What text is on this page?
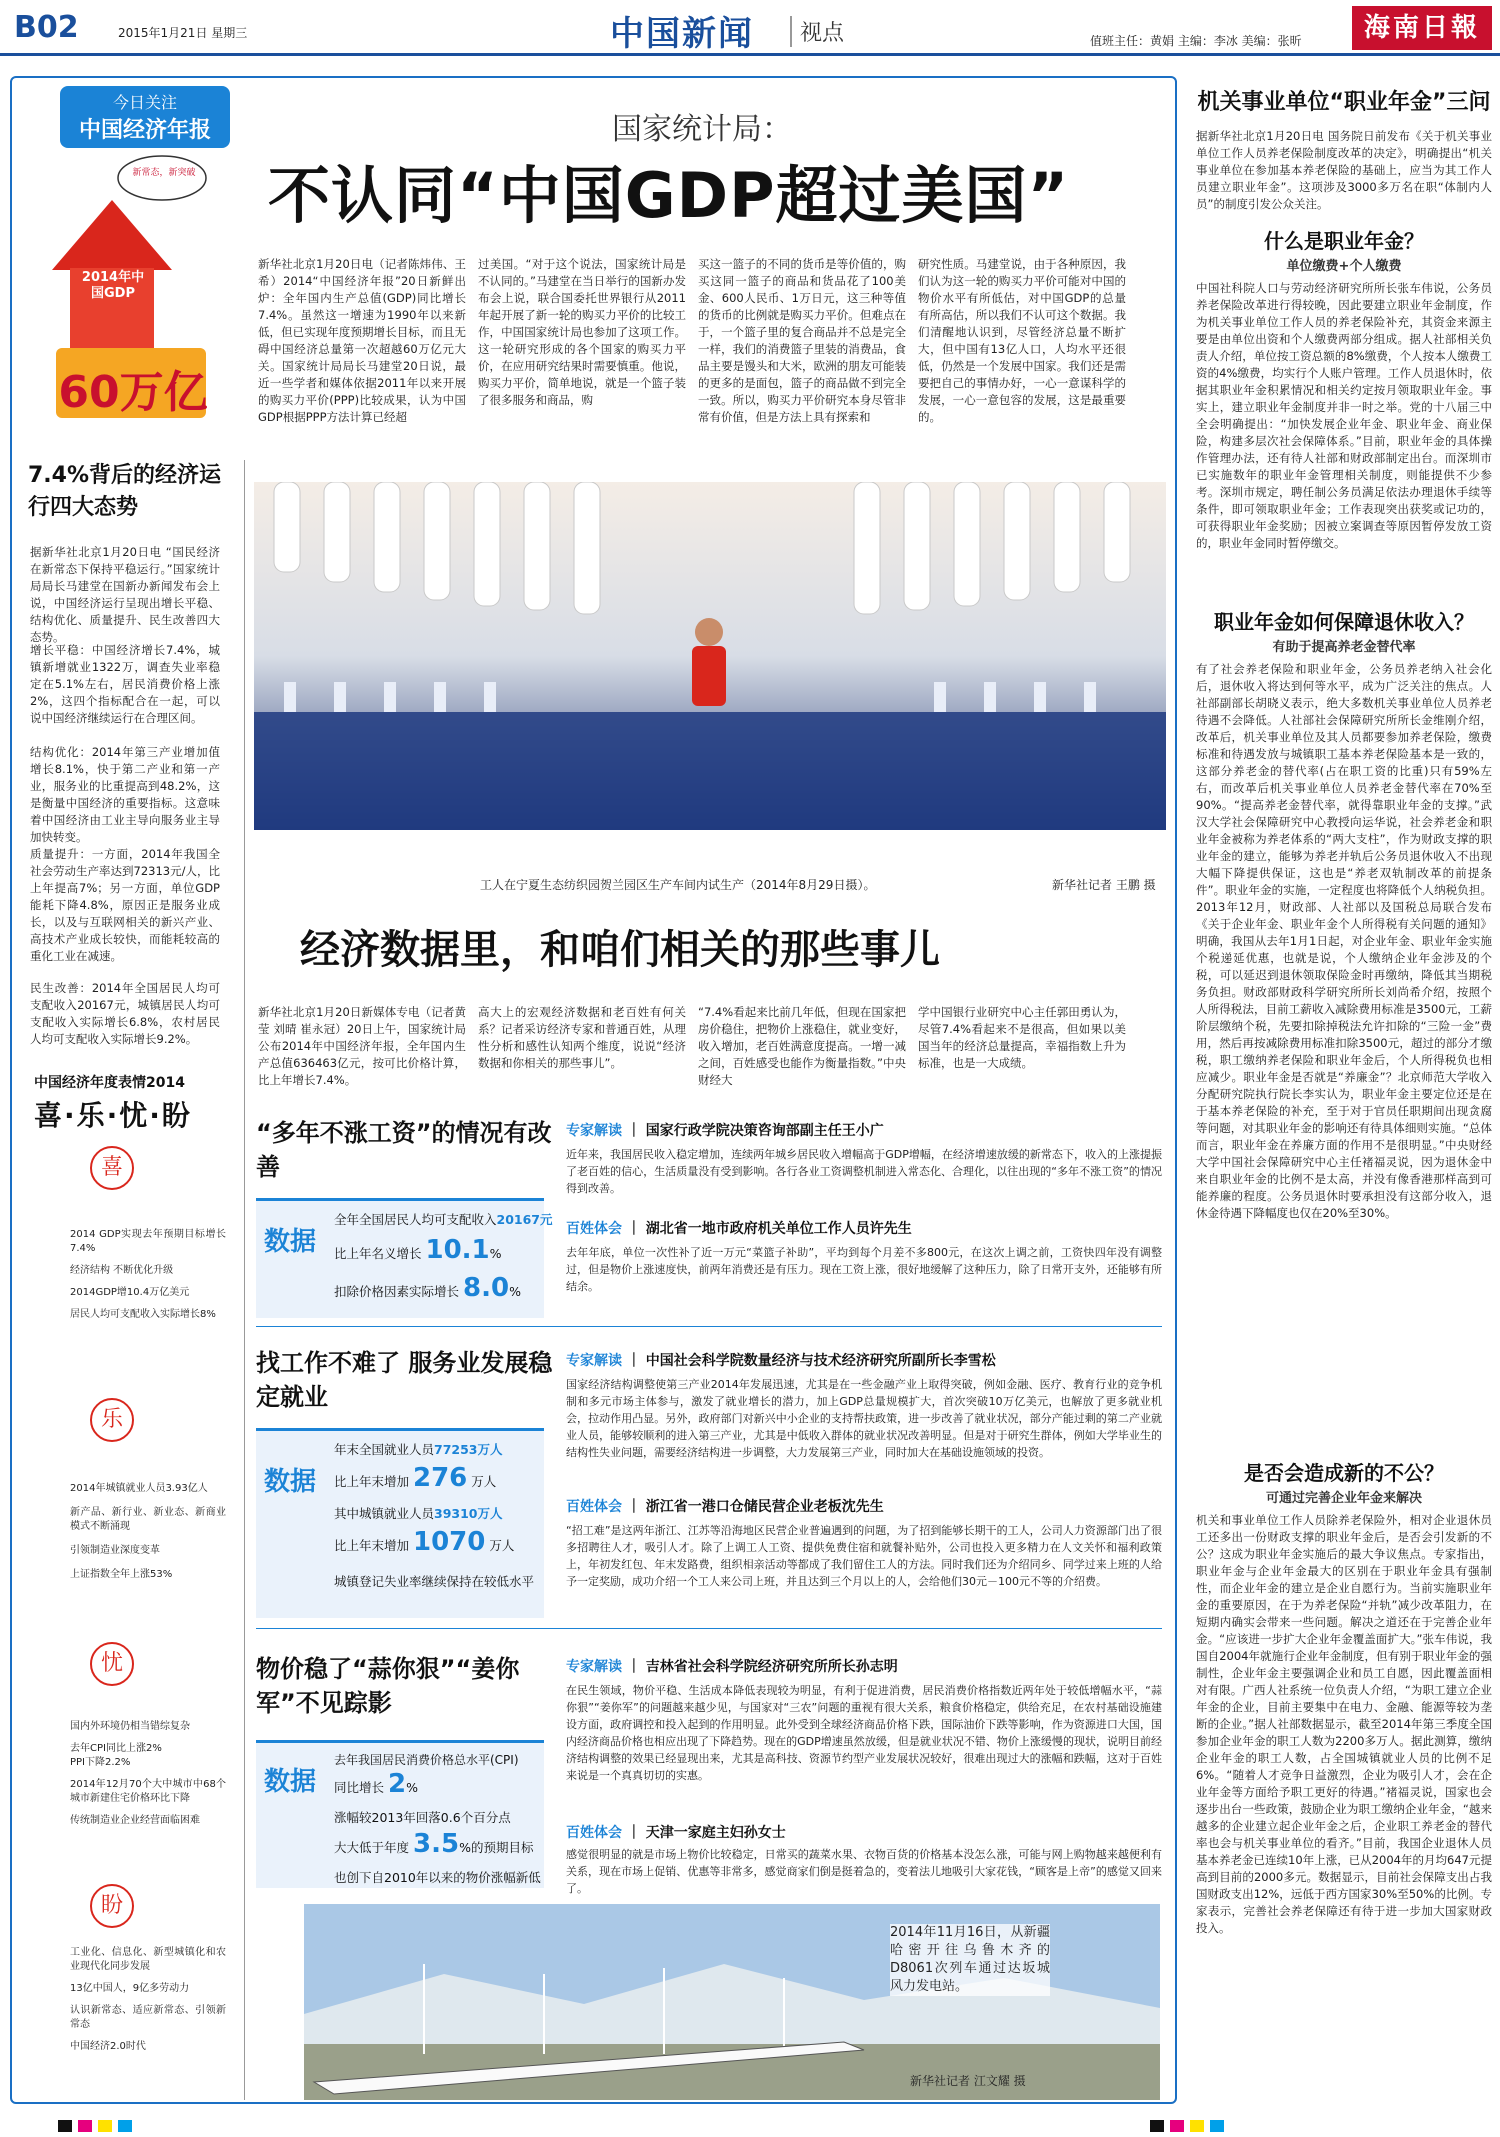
B02	2015年1月21日 星期三	中国新闻	视点	值班主任：黄娟 主编：李冰 美编：张昕	海南日報
今日关注
中国经济年报
新常态，新突破
2014年中国GDP
60万亿
7.4%背后的经济运行四大态势
据新华社北京1月20日电 “国民经济在新常态下保持平稳运行。”国家统计局局长马建堂在国新办新闻发布会上说，中国经济运行呈现出增长平稳、结构优化、质量提升、民生改善四大态势。
增长平稳：中国经济增长7.4%，城镇新增就业1322万，调查失业率稳定在5.1%左右，居民消费价格上涨2%，这四个指标配合在一起，可以说中国经济继续运行在合理区间。
结构优化：2014年第三产业增加值增长8.1%，快于第二产业和第一产业，服务业的比重提高到48.2%，这是衡量中国经济的重要指标。这意味着中国经济由工业主导向服务业主导加快转变。
质量提升：一方面，2014年我国全社会劳动生产率达到72313元/人，比上年提高7%；另一方面，单位GDP能耗下降4.8%，原因正是服务业成长，以及与互联网相关的新兴产业、高技术产业成长较快，而能耗较高的重化工业在减速。
民生改善：2014年全国居民人均可支配收入20167元，城镇居民人均可支配收入实际增长6.8%，农村居民人均可支配收入实际增长9.2%。
中国经济年度表情2014
喜·乐·忧·盼
喜
2014 GDP实现去年预期目标增长7.4%
经济结构 不断优化升级
2014GDP增10.4万亿美元
居民人均可支配收入实际增长8%
乐
2014年城镇就业人员3.93亿人
新产品、新行业、新业态、新商业模式不断涌现
引领制造业深度变革
上证指数全年上涨53%
忧
国内外环境仍相当错综复杂
去年CPI同比上涨2%
PPI下降2.2%
2014年12月70个大中城市中68个城市新建住宅价格环比下降
传统制造业企业经营面临困难
盼
工业化、信息化、新型城镇化和农业现代化同步发展
13亿中国人，9亿多劳动力
认识新常态、适应新常态、引领新常态
中国经济2.0时代
国家统计局：
不认同“中国GDP超过美国”
新华社北京1月20日电（记者陈炜伟、王希）2014“中国经济年报”20日新鲜出炉：全年国内生产总值(GDP)同比增长7.4%。虽然这一增速为1990年以来新低，但已实现年度预期增长目标，而且无碍中国经济总量第一次超越60万亿元大关。国家统计局局长马建堂20日说，最近一些学者和媒体依据2011年以来开展的购买力平价(PPP)比较成果，认为中国GDP根据PPP方法计算已经超
过美国。“对于这个说法，国家统计局是不认同的。”马建堂在当日举行的国新办发布会上说，联合国委托世界银行从2011年起开展了新一轮的购买力平价的比较工作，中国国家统计局也参加了这项工作。这一轮研究形成的各个国家的购买力平价，在应用研究结果时需要慎重。他说，购买力平价，简单地说，就是一个篮子装了很多服务和商品，购
买这一篮子的不同的货币是等价值的，购买这同一篮子的商品和货品花了100美金、600人民币、1万日元，这三种等值的货币的比例就是购买力平价。但难点在于，一个篮子里的复合商品并不总是完全一样，我们的消费篮子里装的消费品，食品主要是馒头和大米，欧洲的朋友可能装的更多的是面包，篮子的商品做不到完全一致。所以，购买力平价研究本身尽管非常有价值，但是方法上具有探索和
研究性质。马建堂说，由于各种原因，我们认为这一轮的购买力平价可能对中国的物价水平有所低估，对中国GDP的总量有所高估，所以我们不认可这个数据。我们清醒地认识到，尽管经济总量不断扩大，但中国有13亿人口，人均水平还很低，仍然是一个发展中国家。我们还是需要把自己的事情办好，一心一意谋科学的发展，一心一意包容的发展，这是最重要的。
工人在宁夏生态纺织园贺兰园区生产车间内试生产（2014年8月29日摄）。	新华社记者 王鹏 摄
经济数据里，和咱们相关的那些事儿
新华社北京1月20日新媒体专电（记者黄莹 刘晴 崔永冠）20日上午，国家统计局公布2014年中国经济年报，全年国内生产总值636463亿元，按可比价格计算，比上年增长7.4%。
高大上的宏观经济数据和老百姓有何关系？记者采访经济专家和普通百姓，从理性分析和感性认知两个维度，说说“经济数据和你相关的那些事儿”。
“7.4%看起来比前几年低，但现在国家把房价稳住，把物价上涨稳住，就业变好，收入增加，老百姓满意度提高。一增一减之间，百姓感受也能作为衡量指数。”中央财经大
学中国银行业研究中心主任郭田勇认为，尽管7.4%看起来不是很高，但如果以美国当年的经济总量提高，幸福指数上升为标准，也是一大成绩。
“多年不涨工资”的情况有改善
数据
全年全国居民人均可支配收入20167元
比上年名义增长 10.1%
扣除价格因素实际增长 8.0%
专家解读 ｜ 国家行政学院决策咨询部副主任王小广
近年来，我国居民收入稳定增加，连续两年城乡居民收入增幅高于GDP增幅，在经济增速放缓的新常态下，收入的上涨提振了老百姓的信心，生活质量没有受到影响。各行各业工资调整机制进入常态化、合理化，以往出现的“多年不涨工资”的情况得到改善。
百姓体会 ｜ 湖北省一地市政府机关单位工作人员许先生
去年年底，单位一次性补了近一万元“菜篮子补助”，平均到每个月差不多800元，在这次上调之前，工资快四年没有调整过，但是物价上涨速度快，前两年消费还是有压力。现在工资上涨，很好地缓解了这种压力，除了日常开支外，还能够有所结余。
找工作不难了 服务业发展稳定就业
数据
年末全国就业人员77253万人
比上年末增加 276 万人
其中城镇就业人员39310万人
比上年末增加 1070 万人
城镇登记失业率继续保持在较低水平
专家解读 ｜ 中国社会科学院数量经济与技术经济研究所副所长李雪松
国家经济结构调整使第三产业2014年发展迅速，尤其是在一些金融产业上取得突破，例如金融、医疗、教育行业的竞争机制和多元市场主体参与，激发了就业增长的潜力，加上GDP总量规模扩大，首次突破10万亿美元，也解放了更多就业机会，拉动作用凸显。另外，政府部门对新兴中小企业的支持帮扶政策，进一步改善了就业状况，部分产能过剩的第二产业就业人员，能够较顺利的进入第三产业，尤其是中低收入群体的就业状况改善明显。但是对于研究生群体，例如大学毕业生的结构性失业问题，需要经济结构进一步调整，大力发展第三产业，同时加大在基础设施领域的投资。
百姓体会 ｜ 浙江省一港口仓储民营企业老板沈先生
“招工难”是这两年浙江、江苏等沿海地区民营企业普遍遇到的问题，为了招到能够长期干的工人，公司人力资源部门出了很多招聘往人才，吸引人才。除了上调工人工资、提供免费住宿和就餐补贴外，公司也投入更多精力在人文关怀和福利政策上，年初发红包、年末发路费，组织相亲活动等都成了我们留住工人的方法。同时我们还为介绍同乡、同学过来上班的人给予一定奖励，成功介绍一个工人来公司上班，并且达到三个月以上的人，会给他们30元－100元不等的介绍费。
物价稳了“蒜你狠”“姜你军”不见踪影
数据
去年我国居民消费价格总水平(CPI)
同比增长 2%
涨幅较2013年回落0.6个百分点
大大低于年度 3.5%的预期目标
也创下自2010年以来的物价涨幅新低
专家解读 ｜ 吉林省社会科学院经济研究所所长孙志明
在民生领域，物价平稳、生活成本降低表现较为明显，有利于促进消费，居民消费价格指数近两年处于较低增幅水平，“蒜你狠”“姜你军”的问题越来越少见，与国家对“三农”问题的重视有很大关系，粮食价格稳定，供给充足，在农村基础设施建设方面，政府调控和投入起到的作用明显。此外受到全球经济商品价格下跌，国际油价下跌等影响，作为资源进口大国，国内经济商品价格也相应出现了下降趋势。现在的GDP增速虽然放缓，但是就业状况不错、物价上涨缓慢的现状，说明目前经济结构调整的效果已经显现出来，尤其是高科技、资源节约型产业发展状况较好，很难出现过大的涨幅和跌幅，这对于百姓来说是一个真真切切的实惠。
百姓体会 ｜ 天津一家庭主妇孙女士
感觉很明显的就是市场上物价比较稳定，日常买的蔬菜水果、衣物百货的价格基本没怎么涨，可能与网上购物越来越便利有关系，现在市场上促销、优惠等非常多，感觉商家们倒是挺着急的，变着法儿地吸引大家花钱，“顾客是上帝”的感觉又回来了。
2014年11月16日，从新疆哈密开往乌鲁木齐的D8061次列车通过达坂城风力发电站。
新华社记者 江文耀 摄
机关事业单位“职业年金”三问
据新华社北京1月20日电 国务院日前发布《关于机关事业单位工作人员养老保险制度改革的决定》，明确提出“机关事业单位在参加基本养老保险的基础上，应当为其工作人员建立职业年金”。这项涉及3000多万名在职“体制内人员”的制度引发公众关注。
什么是职业年金？
单位缴费+个人缴费
中国社科院人口与劳动经济研究所所长张车伟说，公务员养老保险改革进行得较晚，因此要建立职业年金制度，作为机关事业单位工作人员的养老保险补充，其资金来源主要是由单位出资和个人缴费两部分组成。据人社部相关负责人介绍，单位按工资总额的8%缴费，个人按本人缴费工资的4%缴费，均实行个人账户管理。工作人员退休时，依据其职业年金积累情况和相关约定按月领取职业年金。事实上，建立职业年金制度并非一时之举。党的十八届三中全会明确提出：“加快发展企业年金、职业年金、商业保险，构建多层次社会保障体系。”目前，职业年金的具体操作管理办法，还有待人社部和财政部制定出台。而深圳市已实施数年的职业年金管理相关制度，则能提供不少参考。深圳市规定，聘任制公务员满足依法办理退休手续等条件，即可领取职业年金；工作表现突出获奖或记功的，可获得职业年金奖励；因被立案调查等原因暂停发放工资的，职业年金同时暂停缴交。
职业年金如何保障退休收入？
有助于提高养老金替代率
有了社会养老保险和职业年金，公务员养老纳入社会化后，退休收入将达到何等水平，成为广泛关注的焦点。人社部副部长胡晓义表示，绝大多数机关事业单位人员养老待遇不会降低。人社部社会保障研究所所长金维刚介绍，改革后，机关事业单位及其人员都要参加养老保险，缴费标准和待遇发放与城镇职工基本养老保险基本是一致的，这部分养老金的替代率(占在职工资的比重)只有59%左右，而改革后机关事业单位人员养老金替代率在70%至90%。“提高养老金替代率，就得靠职业年金的支撑。”武汉大学社会保障研究中心教授向运华说，社会养老金和职业年金被称为养老体系的“两大支柱”，作为财政支撑的职业年金的建立，能够为养老并轨后公务员退休收入不出现大幅下降提供保证，这也是“养老双轨制改革的前提条件”。职业年金的实施，一定程度也将降低个人纳税负担。2013年12月，财政部、人社部以及国税总局联合发布《关于企业年金、职业年金个人所得税有关问题的通知》明确，我国从去年1月1日起，对企业年金、职业年金实施个税递延优惠，也就是说，个人缴纳企业年金涉及的个税，可以延迟到退休领取保险金时再缴纳，降低其当期税务负担。财政部财政科学研究所所长刘尚希介绍，按照个人所得税法，目前工薪收入减除费用标准是3500元，工薪阶层缴纳个税，先要扣除掉税法允许扣除的“三险一金”费用，然后再按减除费用标准扣除3500元，超过的部分才缴税，职工缴纳养老保险和职业年金后，个人所得税负也相应减少。职业年金是否就是“养廉金”？北京师范大学收入分配研究院执行院长李实认为，职业年金主要定位还是在于基本养老保险的补充，至于对于官员任职期间出现贪腐等问题，对其职业年金的影响还有待具体细则实施。“总体而言，职业年金在养廉方面的作用不是很明显。”中央财经大学中国社会保障研究中心主任褚福灵说，因为退休金中来自职业年金的比例不是太高，并没有像香港那样高到可能养廉的程度。公务员退休时要承担没有这部分收入，退休金待遇下降幅度也仅在20%至30%。
是否会造成新的不公？
可通过完善企业年金来解决
机关和事业单位工作人员除养老保险外，相对企业退休员工还多出一份财政支撑的职业年金后，是否会引发新的不公？这成为职业年金实施后的最大争议焦点。专家指出，职业年金与企业年金最大的区别在于职业年金具有强制性，而企业年金的建立是企业自愿行为。当前实施职业年金的重要原因，在于为养老保险“并轨”减少改革阻力，在短期内确实会带来一些问题。解决之道还在于完善企业年金。“应该进一步扩大企业年金覆盖面扩大。”张车伟说，我国自2004年就施行企业年金制度，但有别于职业年金的强制性，企业年金主要强调企业和员工自愿，因此覆盖面相对有限。广西人社系统一位负责人介绍，“为职工建立企业年金的企业，目前主要集中在电力、金融、能源等较为垄断的企业。”据人社部数据显示，截至2014年第三季度全国参加企业年金的职工人数为2200多万人。据此测算，缴纳企业年金的职工人数，占全国城镇就业人员的比例不足6%。“随着人才竞争日益激烈，企业为吸引人才，会在企业年金等方面给予职工更好的待遇。”褚福灵说，国家也会逐步出台一些政策，鼓励企业为职工缴纳企业年金，“越来越多的企业建立起企业年金之后，企业职工养老金的替代率也会与机关事业单位的看齐。”目前，我国企业退休人员基本养老金已连续10年上涨，已从2004年的月均647元提高到目前的2000多元。数据显示，目前社会保障支出占我国财政支出12%，远低于西方国家30%至50%的比例。专家表示，完善社会养老保障还有待于进一步加大国家财政投入。
